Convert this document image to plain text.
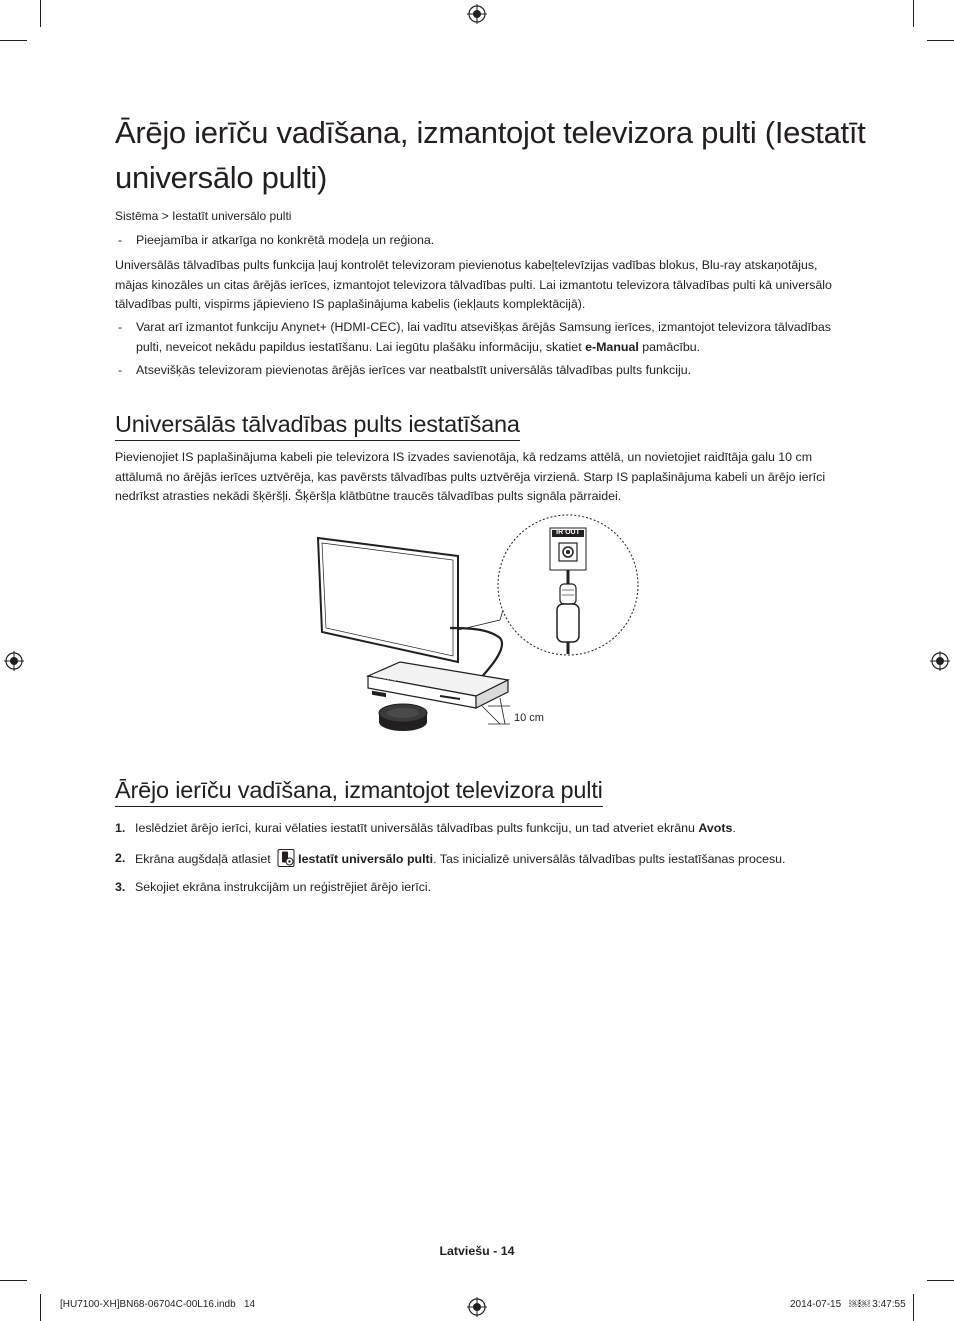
Ārējo ierīču vadīšana, izmantojot televizora pulti (Iestatīt universālo pulti)
Sistēma > Iestatīt universālo pulti
- Pieejamība ir atkarīga no konkrētā modeļa un reģiona.
Universālās tālvadības pults funkcija ļauj kontrolēt televizoram pievienotus kabeļtelevīzijas vadības blokus, Blu-ray atskaņotājus, mājas kinozāles un citas ārējās ierīces, izmantojot televizora tālvadības pulti. Lai izmantotu televizora tālvadības pulti kā universālo tālvadības pulti, vispirms jāpievieno IS paplašinājuma kabelis (iekļauts komplektācijā).
- Varat arī izmantot funkciju Anynet+ (HDMI-CEC), lai vadītu atsevišķas ārējās Samsung ierīces, izmantojot televizora tālvadības pulti, neveicot nekādu papildus iestatīšanu. Lai iegūtu plašāku informāciju, skatiet e-Manual pamācību.
- Atsevišķās televizoram pievienotas ārējās ierīces var neatbalstīt universālās tālvadības pults funkciju.
Universālās tālvadības pults iestatīšana
Pievienojiet IS paplašinājuma kabeli pie televizora IS izvades savienotāja, kā redzams attēlā, un novietojiet raidītāja galu 10 cm attālumā no ārējās ierīces uztvērēja, kas pavērsts tālvadības pults uztvērēja virzienā. Starp IS paplašinājuma kabeli un ārējo ierīci nedrīkst atrasties nekādi šķēršļi. Šķēršļa klātbūtne traucēs tālvadības pults signāla pārraidei.
IR OUT
SAMSUNG
10 cm
Ārējo ierīču vadīšana, izmantojot televizora pulti
1. Ieslēdziet ārējo ierīci, kurai vēlaties iestatīt universālās tālvadības pults funkciju, un tad atveriet ekrānu Avots.
2. Ekrāna augšdaļā atlasiet Iestatīt universālo pulti. Tas inicializē universālās tālvadības pults iestatīšanas procesu.
3. Sekojiet ekrāna instrukcijām un reģistrējiet ārējo ierīci.
Latviešu - 14
[HU7100-XH]BN68-06704C-00L16.indb   14	2014-07-15   ￼￼ 3:47:55
